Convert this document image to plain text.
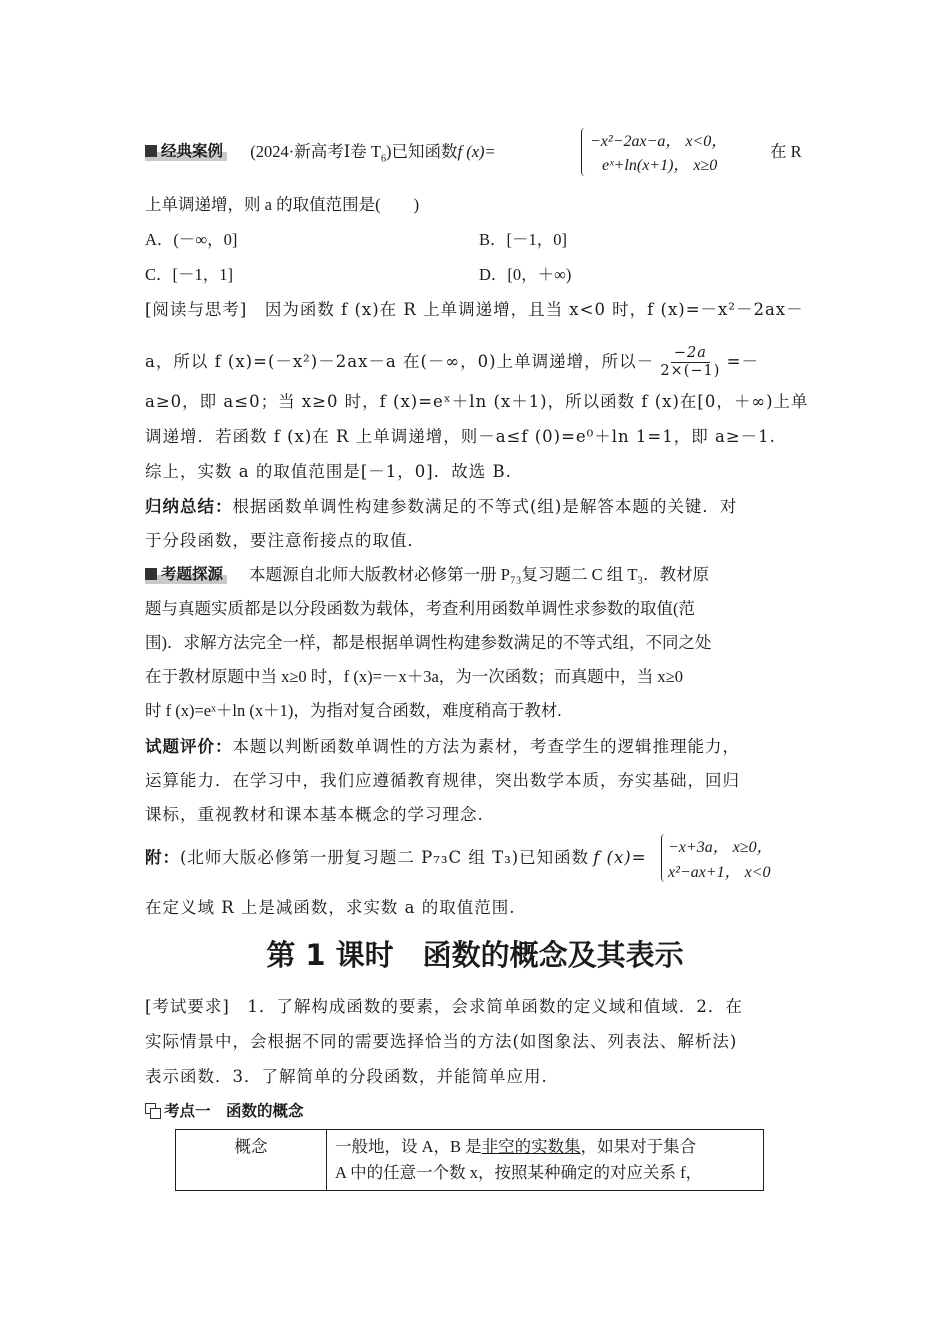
经典案例 (2024·新高考Ⅰ卷 $T_6$)已知函数f (x)=
−x²−2ax−a， x<0，
eˣ+ln(x+1)， x≥0
在 R
上单调递增，则 a 的取值范围是(　　)
A．(－∞，0]	B．[－1，0]
C．[－1，1]	D．[0，＋∞)
[阅读与思考]　因为函数 f (x)在 R 上单调递增，且当 x<0 时，f (x)=－x²－2ax－
a，所以 f (x)=(－x²)－2ax－a 在(－∞，0)上单调递增，所以－ $\frac{-2a}{2\times(-1)}$ =－
a≥0，即 a≤0；当 x≥0 时，f (x)=eˣ＋ln (x＋1)，所以函数 f (x)在[0，＋∞)上单
调递增．若函数 f (x)在 R 上单调递增，则－a≤f (0)=e⁰＋ln 1=1，即 a≥－1.
综上，实数 a 的取值范围是[－1，0]．故选 B.
归纳总结：根据函数单调性构建参数满足的不等式(组)是解答本题的关键．对
于分段函数，要注意衔接点的取值．
考题探源 本题源自北师大版教材必修第一册 P₇₃复习题二 C 组 T₃．教材原
题与真题实质都是以分段函数为载体，考查利用函数单调性求参数的取值(范
围)．求解方法完全一样，都是根据单调性构建参数满足的不等式组，不同之处
在于教材原题中当 x≥0 时，f (x)=－x＋3a，为一次函数；而真题中，当 x≥0
时 f (x)=eˣ＋ln (x＋1)，为指对复合函数，难度稍高于教材.
试题评价：本题以判断函数单调性的方法为素材，考查学生的逻辑推理能力，
运算能力．在学习中，我们应遵循教育规律，突出数学本质，夯实基础，回归
课标，重视教材和课本基本概念的学习理念.
附：(北师大版必修第一册复习题二 P₇₃C 组 T₃)已知函数 f (x)=
−x+3a， x≥0，
x²−ax+1， x<0
在定义域 R 上是减函数，求实数 a 的取值范围.
第 1 课时　函数的概念及其表示
[考试要求]　1．了解构成函数的要素，会求简单函数的定义域和值域．2．在
实际情景中，会根据不同的需要选择恰当的方法(如图象法、列表法、解析法)
表示函数．3．了解简单的分段函数，并能简单应用.
考点一　函数的概念
概念	一般地，设 A，B 是非空的实数集，如果对于集合
A 中的任意一个数 x，按照某种确定的对应关系 f，
